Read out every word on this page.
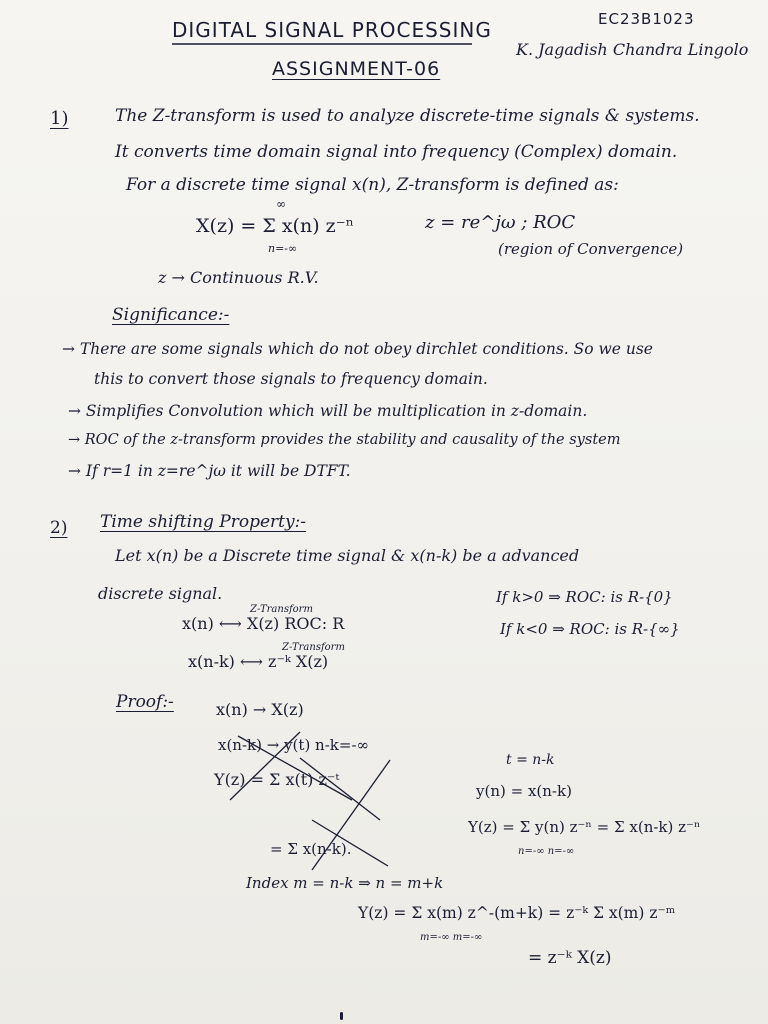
DIGITAL SIGNAL PROCESSING	EC23B1023
ASSIGNMENT-06
K. Jagadish Chandra Lingolo
1)	The Z-transform is used to analyze discrete-time signals & systems.
It converts time domain signal into frequency (Complex) domain.
For a discrete time signal x(n), Z-transform is defined as:
X(z) = Σ x(n) z⁻ⁿ
∞
n=-∞
z = re^jω ; ROC
(region of Convergence)
z → Continuous R.V.
Significance:-
→ There are some signals which do not obey dirchlet conditions. So we use
this to convert those signals to frequency domain.
→ Simplifies Convolution which will be multiplication in z-domain.
→ ROC of the z-transform provides the stability and causality of the system
→ If r=1 in z=re^jω it will be DTFT.
2) Time shifting Property:-
Let x(n) be a Discrete time signal & x(n-k) be a advanced
discrete signal.
Z-Transform
x(n) ⟷ X(z) ROC: R
Z-Transform
x(n-k) ⟷ z⁻ᵏ X(z)
If k>0 ⇒ ROC: is R-{0}
If k<0 ⇒ ROC: is R-{∞}
Proof:-	x(n) → X(z)
x(n-k) → y(t) n-k=-∞
Y(z) = Σ x(t) z⁻ᵗ
= Σ x(n-k).
t = n-k
y(n) = x(n-k)
Y(z) = Σ y(n) z⁻ⁿ = Σ x(n-k) z⁻ⁿ
n=-∞ n=-∞
Index m = n-k ⇒ n = m+k
Y(z) = Σ x(m) z^-(m+k) = z⁻ᵏ Σ x(m) z⁻ᵐ
m=-∞ m=-∞
= z⁻ᵏ X(z)
